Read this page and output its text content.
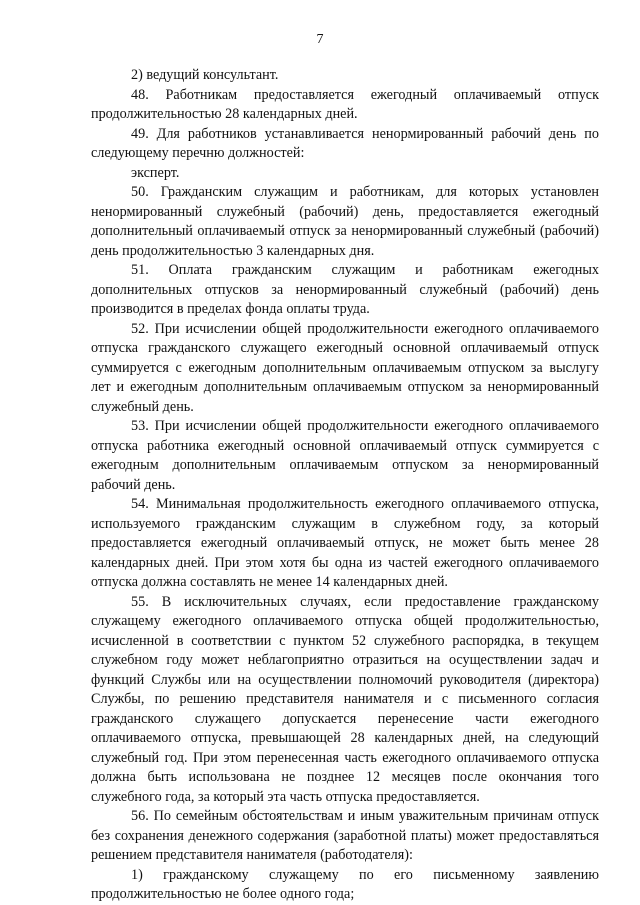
7

2) ведущий консультант.

48. Работникам предоставляется ежегодный оплачиваемый отпуск продолжительностью 28 календарных дней.

49. Для работников устанавливается ненормированный рабочий день по следующему перечню должностей:

эксперт.

50. Гражданским служащим и работникам, для которых установлен ненормированный служебный (рабочий) день, предоставляется ежегодный дополнительный оплачиваемый отпуск за ненормированный служебный (рабочий) день продолжительностью 3 календарных дня.

51. Оплата гражданским служащим и работникам ежегодных дополнительных отпусков за ненормированный служебный (рабочий) день производится в пределах фонда оплаты труда.

52. При исчислении общей продолжительности ежегодного оплачиваемого отпуска гражданского служащего ежегодный основной оплачиваемый отпуск суммируется с ежегодным дополнительным оплачиваемым отпуском за выслугу лет и ежегодным дополнительным оплачиваемым отпуском за ненормированный служебный день.

53. При исчислении общей продолжительности ежегодного оплачиваемого отпуска работника ежегодный основной оплачиваемый отпуск суммируется с ежегодным дополнительным оплачиваемым отпуском за ненормированный рабочий день.

54. Минимальная продолжительность ежегодного оплачиваемого отпуска, используемого гражданским служащим в служебном году, за который предоставляется ежегодный оплачиваемый отпуск, не может быть менее 28 календарных дней. При этом хотя бы одна из частей ежегодного оплачиваемого отпуска должна составлять не менее 14 календарных дней.

55. В исключительных случаях, если предоставление гражданскому служащему ежегодного оплачиваемого отпуска общей продолжительностью, исчисленной в соответствии с пунктом 52 служебного распорядка, в текущем служебном году может неблагоприятно отразиться на осуществлении задач и функций Службы или на осуществлении полномочий руководителя (директора) Службы, по решению представителя нанимателя и с письменного согласия гражданского служащего допускается перенесение части ежегодного оплачиваемого отпуска, превышающей 28 календарных дней, на следующий служебный год. При этом перенесенная часть ежегодного оплачиваемого отпуска должна быть использована не позднее 12 месяцев после окончания того служебного года, за который эта часть отпуска предоставляется.

56. По семейным обстоятельствам и иным уважительным причинам отпуск без сохранения денежного содержания (заработной платы) может предоставляться решением представителя нанимателя (работодателя):

1) гражданскому служащему по его письменному заявлению продолжительностью не более одного года;
